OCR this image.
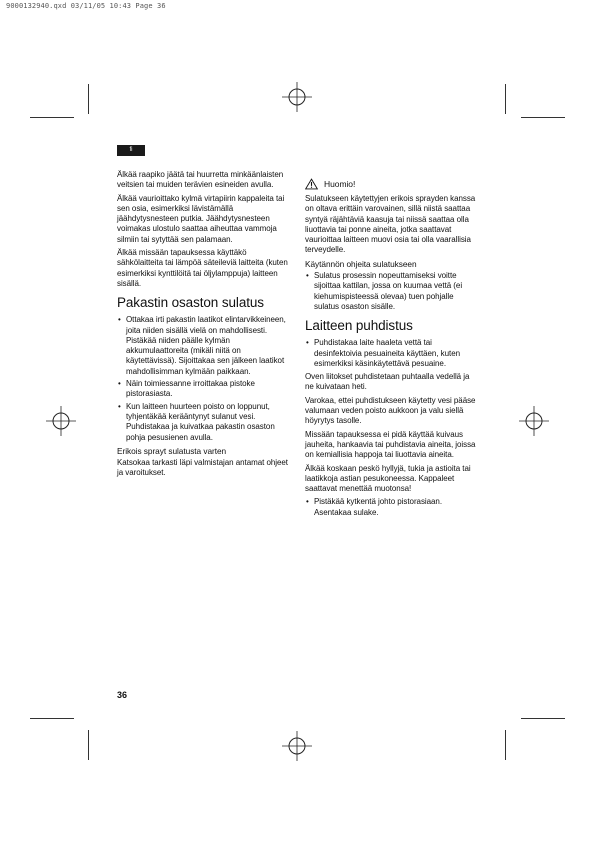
9000132940.qxd 03/11/05 10:43 Page 36
fi

Älkää raapiko jäätä tai huurretta minkäänlaisten veitsien tai muiden terävien esineiden avulla.

Älkää vaurioittako kylmä virtapiirin kappaleita tai sen osia, esimerkiksi lävistämällä jäähdytysnesteen putkia. Jäähdytysnesteen voimakas ulostulo saattaa aiheuttaa vammoja silmiin tai sytyttää sen palamaan.

Älkää missään tapauksessa käyttäkö sähkölaitteita tai lämpöä säteileviä laitteita (kuten esimerkiksi kynttilöitä tai öljylamppuja) laitteen sisällä.

Pakastin osaston sulatus
• Ottakaa irti pakastin laatikot elintarvikkeineen, joita niiden sisällä vielä on mahdollisesti. Pistäkää niiden päälle kylmän akkumulaattoreita (mikäli niitä on käytettävissä). Sijoittakaa sen jälkeen laatikot mahdollisimman kylmään paikkaan.
• Näin toimiessanne irroittakaa pistoke pistorasiasta.
• Kun laitteen huurteen poisto on loppunut, tyhjentäkää kerääntynyt sulanut vesi. Puhdistakaa ja kuivatkaa pakastin osaston pohja pesusienen avulla.
Erikois sprayt sulatusta varten

Katsokaa tarkasti läpi valmistajan antamat ohjeet ja varoitukset.

Huomio!

Sulatukseen käytettyjen erikois sprayden kanssa on oltava erittäin varovainen, sillä niistä saattaa syntyä räjähtäviä kaasuja tai niissä saattaa olla liuottavia tai ponne aineita, jotka saattavat vaurioittaa laitteen muovi osia tai olla vaarallisia terveydelle.

Käytännön ohjeita sulatukseen
• Sulatus prosessin nopeuttamiseksi voitte sijoittaa kattilan, jossa on kuumaa vettä (ei kiehumispisteessä olevaa) tuen pohjalle sulatus osaston sisälle.
Laitteen puhdistus
• Puhdistakaa laite haaleta vettä tai desinfektoivia pesuaineita käyttäen, kuten esimerkiksi käsinkäytettävä pesuaine.

Oven liitokset puhdistetaan puhtaalla vedellä ja ne kuivataan heti.

Varokaa, ettei puhdistukseen käytetty vesi pääse valumaan veden poisto aukkoon ja valu siellä höyrytys tasolle.

Missään tapauksessa ei pidä käyttää kuivaus jauheita, hankaavia tai puhdistavia aineita, joissa on kemiallisia happoja tai liuottavia aineita.

Älkää koskaan peskö hyllyjä, tukia ja astioita tai laatikkoja astian pesukoneessa. Kappaleet saattavat menettää muotonsa!

• Pistäkää kytkentä johto pistorasiaan. Asentakaa sulake.
36
